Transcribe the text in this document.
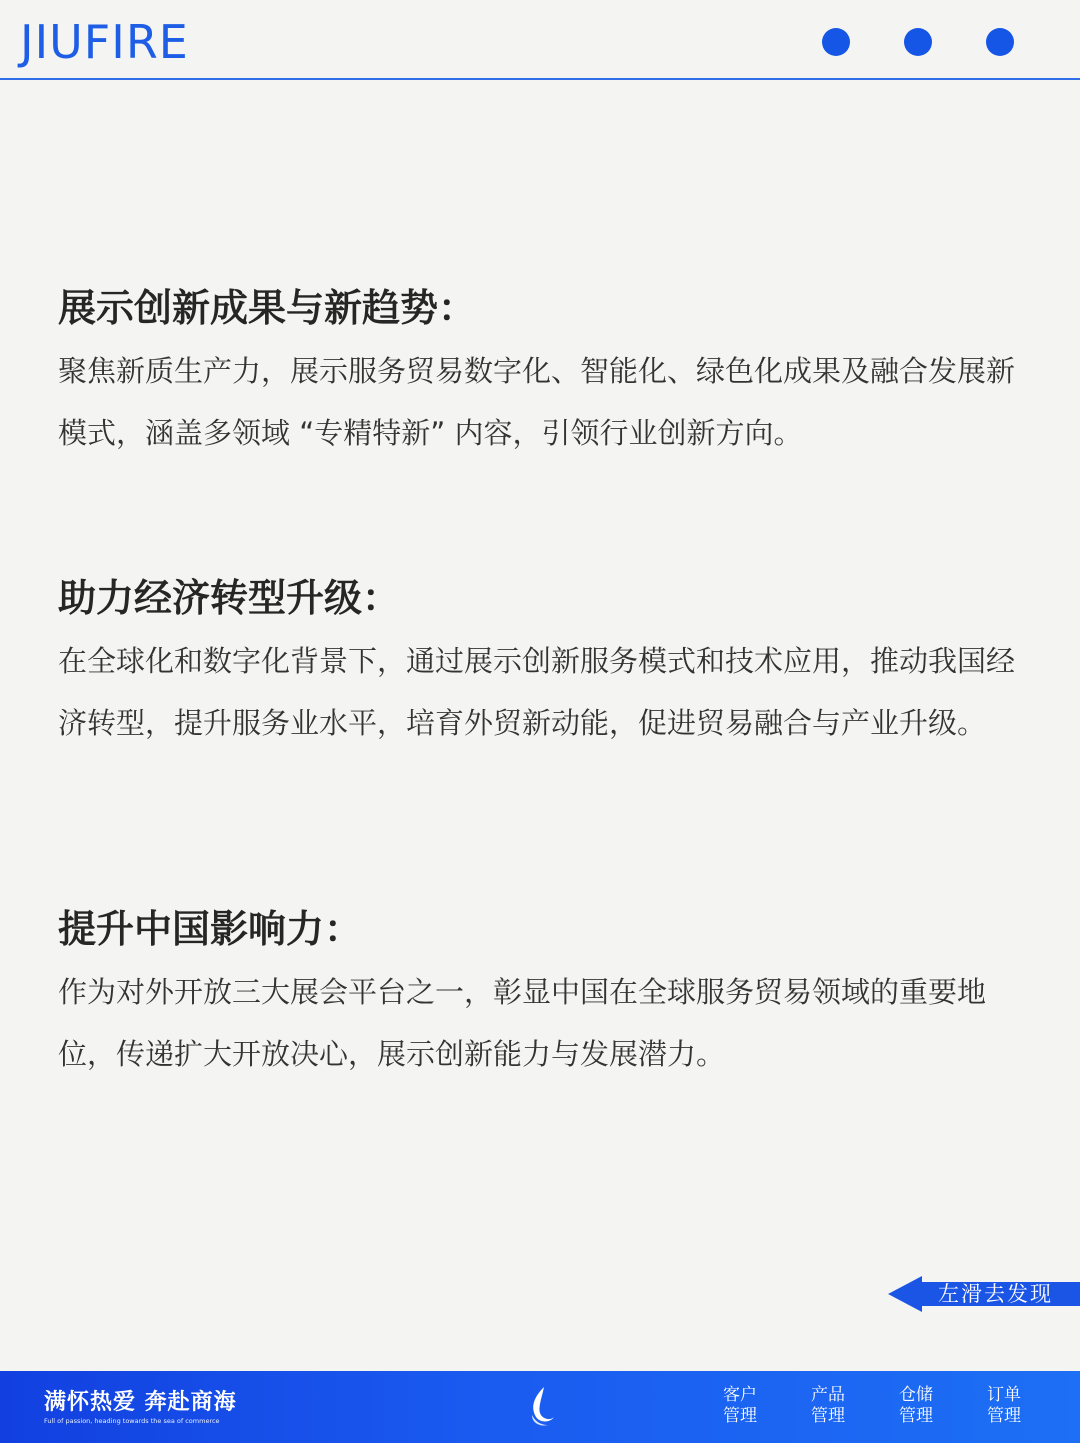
JIUFIRE
展示创新成果与新趋势：

聚焦新质生产力，展示服务贸易数字化、智能化、绿色化成果及融合发展新模式，涵盖多领域 “专精特新” 内容，引领行业创新方向。

助力经济转型升级：

在全球化和数字化背景下，通过展示创新服务模式和技术应用，推动我国经济转型，提升服务业水平，培育外贸新动能，促进贸易融合与产业升级。

提升中国影响力：

作为对外开放三大展会平台之一，彰显中国在全球服务贸易领域的重要地位，传递扩大开放决心，展示创新能力与发展潜力。

左滑去发现
满怀热爱 奔赴商海
Full of passion, heading towards the sea of commerce
客户
管理
产品
管理
仓储
管理
订单
管理
